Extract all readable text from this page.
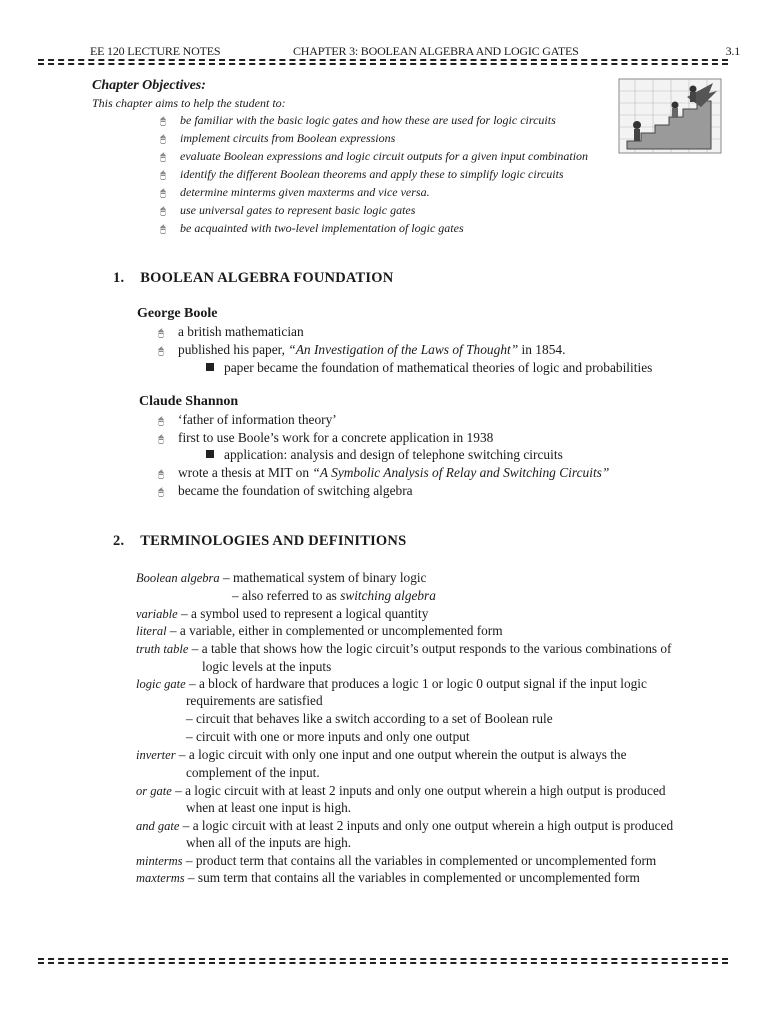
EE 120 LECTURE NOTES	CHAPTER 3: BOOLEAN ALGEBRA AND LOGIC GATES	3.1
Chapter Objectives:
This chapter aims to help the student to:
🖰 be familiar with the basic logic gates and how these are used for logic circuits
🖰 implement circuits from Boolean expressions
🖰 evaluate Boolean expressions and logic circuit outputs for a given input combination
🖰 identify the different Boolean theorems and apply these to simplify logic circuits
🖰 determine minterms given maxterms and vice versa.
🖰 use universal gates to represent basic logic gates
🖰 be acquainted with two-level implementation of logic gates
1. BOOLEAN ALGEBRA FOUNDATION
George Boole
🖰 a british mathematician
🖰 published his paper, “An Investigation of the Laws of Thought” in 1854.
paper became the foundation of mathematical theories of logic and probabilities
Claude Shannon
🖰 ‘father of information theory’
🖰 first to use Boole’s work for a concrete application in 1938
application: analysis and design of telephone switching circuits
🖰 wrote a thesis at MIT on “A Symbolic Analysis of Relay and Switching Circuits”
🖰 became the foundation of switching algebra
2. TERMINOLOGIES AND DEFINITIONS
Boolean algebra – mathematical system of binary logic
– also referred to as switching algebra
variable – a symbol used to represent a logical quantity
literal – a variable, either in complemented or uncomplemented form
truth table – a table that shows how the logic circuit’s output responds to the various combinations of
logic levels at the inputs
logic gate – a block of hardware that produces a logic 1 or logic 0 output signal if the input logic
requirements are satisfied
– circuit that behaves like a switch according to a set of Boolean rule
– circuit with one or more inputs and only one output
inverter – a logic circuit with only one input and one output wherein the output is always the
complement of the input.
or gate – a logic circuit with at least 2 inputs and only one output wherein a high output is produced
when at least one input is high.
and gate – a logic circuit with at least 2 inputs and only one output wherein a high output is produced
when all of the inputs are high.
minterms – product term that contains all the variables in complemented or uncomplemented form
maxterms – sum term that contains all the variables in complemented or uncomplemented form
